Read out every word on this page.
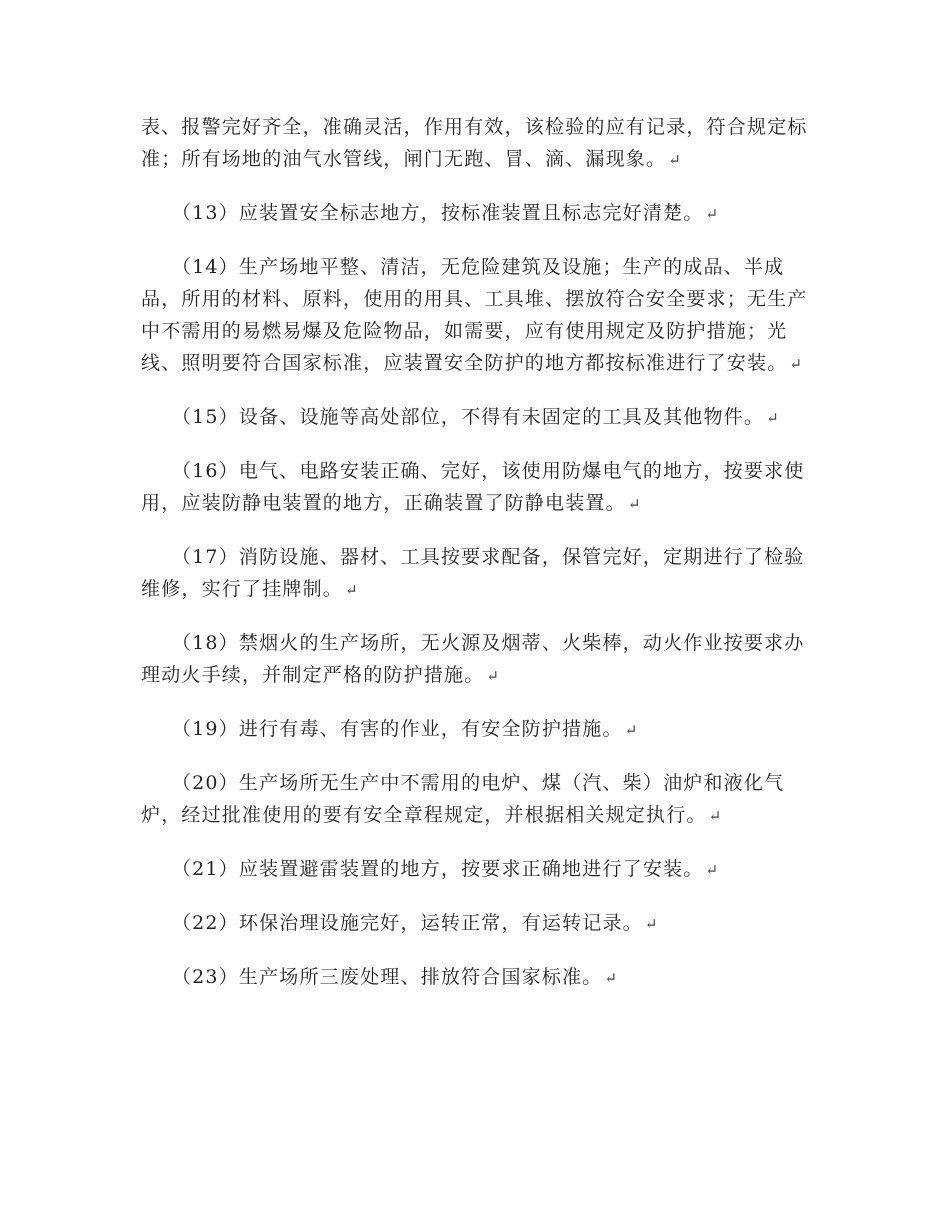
表、报警完好齐全，准确灵活，作用有效，该检验的应有记录，符合规定标准；所有场地的油气水管线，闸门无跑、冒、滴、漏现象。 ↵

　　（13）应装置安全标志地方，按标准装置且标志完好清楚。 ↵

　　（14）生产场地平整、清洁，无危险建筑及设施；生产的成品、半成品，所用的材料、原料，使用的用具、工具堆、摆放符合安全要求；无生产中不需用的易燃易爆及危险物品，如需要，应有使用规定及防护措施；光线、照明要符合国家标准，应装置安全防护的地方都按标准进行了安装。 ↵

　　（15）设备、设施等高处部位，不得有未固定的工具及其他物件。 ↵

　　（16）电气、电路安装正确、完好，该使用防爆电气的地方，按要求使用，应装防静电装置的地方，正确装置了防静电装置。 ↵

　　（17）消防设施、器材、工具按要求配备，保管完好，定期进行了检验维修，实行了挂牌制。 ↵

　　（18）禁烟火的生产场所，无火源及烟蒂、火柴棒，动火作业按要求办理动火手续，并制定严格的防护措施。 ↵

　　（19）进行有毒、有害的作业，有安全防护措施。 ↵

　　（20）生产场所无生产中不需用的电炉、煤（汽、柴）油炉和液化气炉，经过批准使用的要有安全章程规定，并根据相关规定执行。 ↵

　　（21）应装置避雷装置的地方，按要求正确地进行了安装。 ↵

　　（22）环保治理设施完好，运转正常，有运转记录。 ↵

　　（23）生产场所三废处理、排放符合国家标准。 ↵
